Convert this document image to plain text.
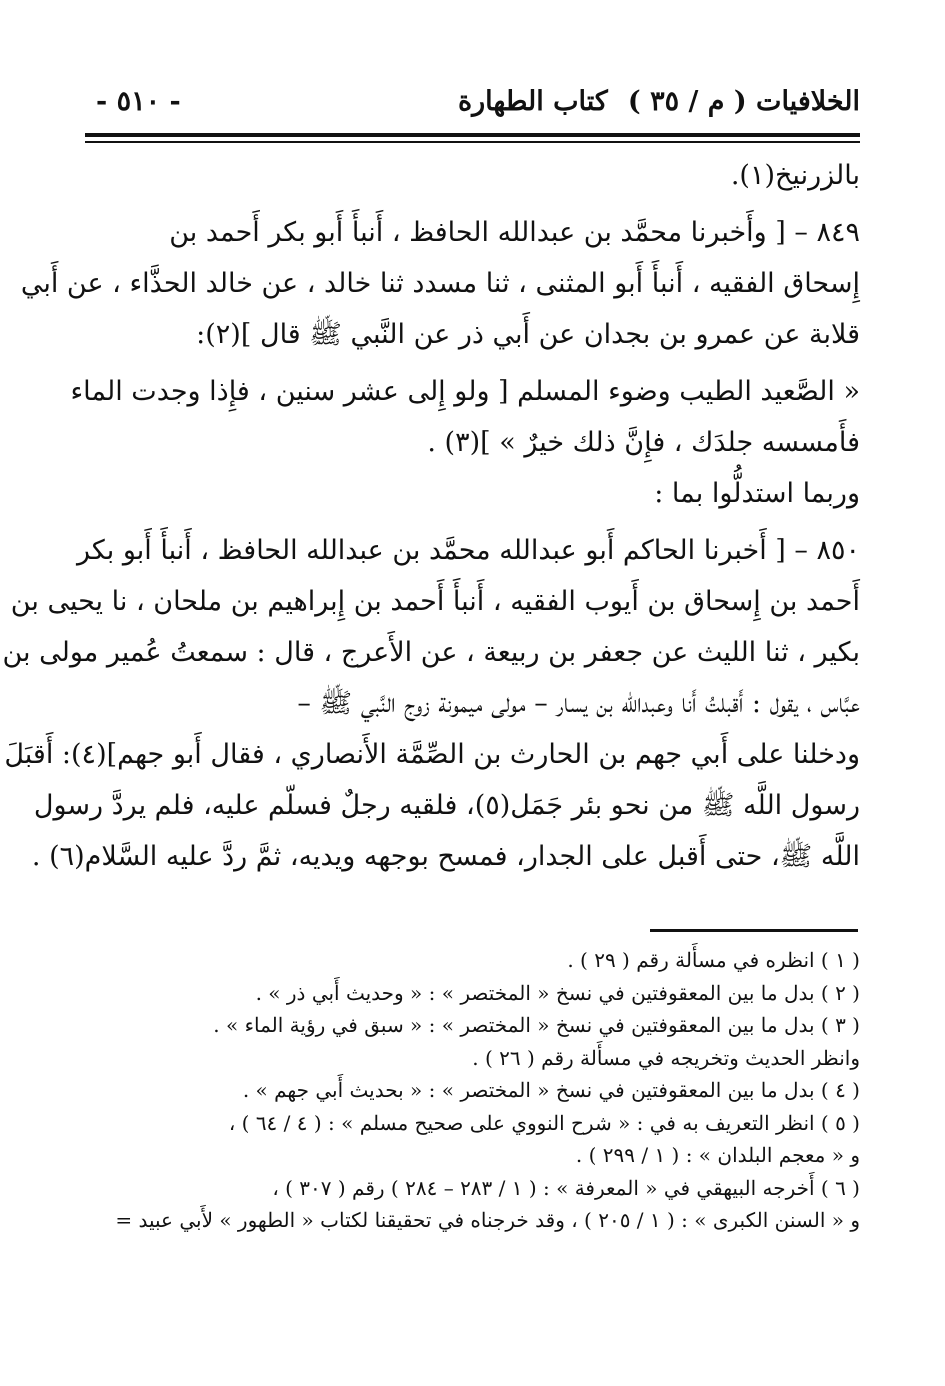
الخلافيات ( م / ٣٥ )
كتاب الطهارة
- ٥١٠ -
بالزرنيخ(١).
٨٤٩ – [ وأَخبرنا محمَّد بن عبدالله الحافظ ، أَنبأَ أَبو بكر أَحمد بن
إِسحاق الفقيه ، أَنبأَ أَبو المثنى ، ثنا مسدد ثنا خالد ، عن خالد الحذَّاء ، عن أَبي
قلابة عن عمرو بن بجدان عن أَبي ذر عن النَّبي ﷺ قال ](٢):
« الصَّعيد الطيب وضوء المسلم [ ولو إِلى عشر سنين ، فإِذا وجدت الماء
فأَمسسه جلدَك ، فإِنَّ ذلك خيرٌ » ](٣) .
وربما استدلُّوا بما :
٨٥٠ – [ أَخبرنا الحاكم أَبو عبدالله محمَّد بن عبدالله الحافظ ، أَنبأَ أَبو بكر
أَحمد بن إِسحاق بن أَيوب الفقيه ، أَنبأَ أَحمد بن إِبراهيم بن ملحان ، نا يحيى بن
بكير ، ثنا الليث عن جعفر بن ربيعة ، عن الأَعرج ، قال : سمعتُ عُمير مولى بن
عبَّاس ، يقول : أَقبلتُ أَنا وعبدالله بن يسار – مولى ميمونة زوج النَّبي ﷺ –
ودخلنا على أَبي جهم بن الحارث بن الصِّمَّة الأَنصاري ، فقال أَبو جهم](٤): أَقبَلَ
رسول اللَّه ﷺ من نحو بئر جَمَل(٥)، فلقيه رجلٌ فسلّم عليه، فلم يردَّ رسول
اللَّه ﷺ، حتى أَقبل على الجدار، فمسح بوجهه ويديه، ثمَّ ردَّ عليه السَّلام(٦) .
( ١ ) انظره في مسأَلة رقم ( ٢٩ ) .
( ٢ ) بدل ما بين المعقوفتين في نسخ « المختصر » : « وحديث أَبي ذر » .
( ٣ ) بدل ما بين المعقوفتين في نسخ « المختصر » : « سبق في رؤية الماء » .
وانظر الحديث وتخريجه في مسأَلة رقم ( ٢٦ ) .
( ٤ ) بدل ما بين المعقوفتين في نسخ « المختصر » : « بحديث أَبي جهم » .
( ٥ ) انظر التعريف به في : « شرح النووي على صحيح مسلم » : ( ٤ / ٦٤ ) ،
و « معجم البلدان » : ( ١ / ٢٩٩ ) .
( ٦ ) أَخرجه البيهقي في « المعرفة » : ( ١ / ٢٨٣ – ٢٨٤ ) رقم ( ٣٠٧ ) ،
و « السنن الكبرى » : ( ١ / ٢٠٥ ) ، وقد خرجناه في تحقيقنا لكتاب « الطهور » لأَبي عبيد =
